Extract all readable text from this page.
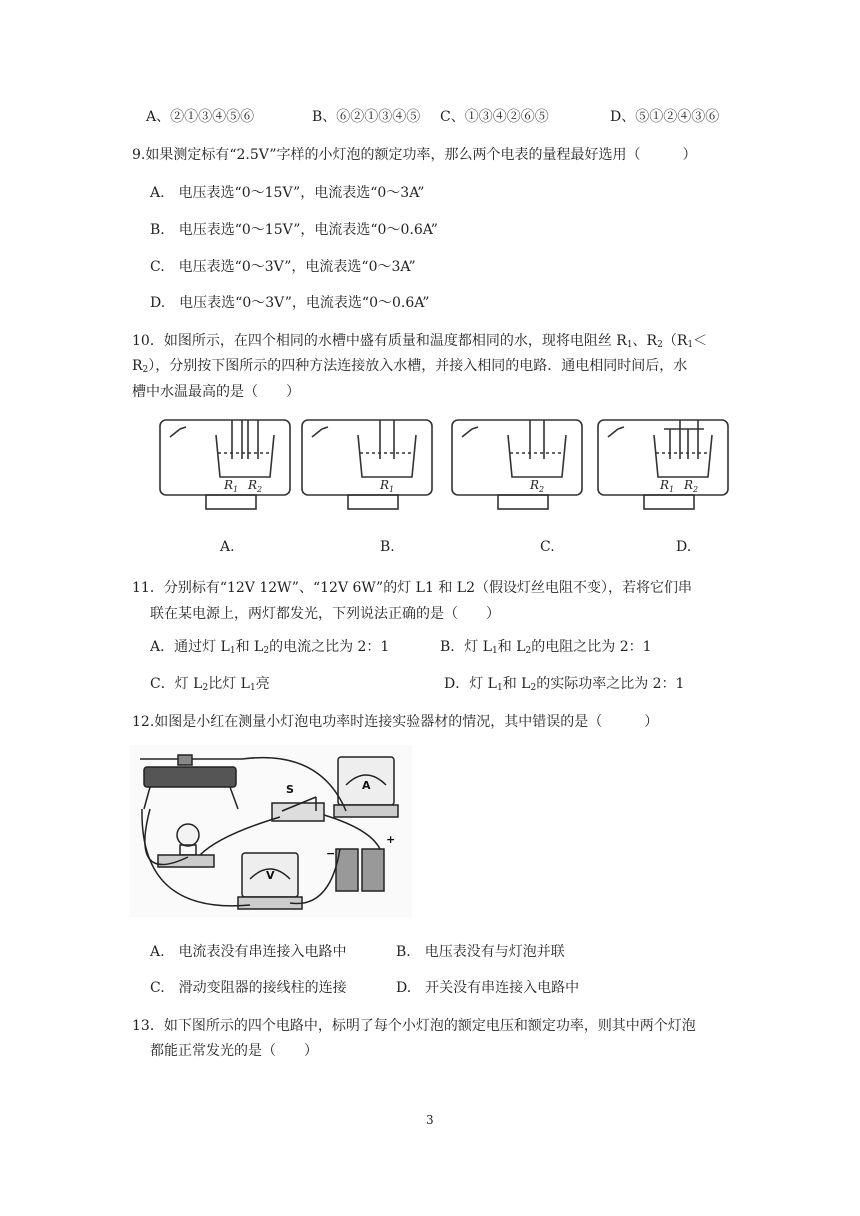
A、②①③④⑤⑥	B、⑥②①③④⑤ C、①③④②⑥⑤	D、⑤①②④③⑥
9.如果测定标有“2.5V”字样的小灯泡的额定功率，那么两个电表的量程最好选用（　　　）
A.　电压表选“0～15V”，电流表选“0～3A”
B.　电压表选“0～15V”，电流表选“0～0.6A”
C.　电压表选“0～3V”，电流表选“0～3A”
D.　电压表选“0～3V”，电流表选“0～0.6A”
10．如图所示，在四个相同的水槽中盛有质量和温度都相同的水，现将电阻丝 $R_1$、$R_2(R_1<$
$R_2$），分别按下图所示的四种方法连接放入水槽，并接入相同的电路．通电相同时间后，水
槽中水温最高的是（　　）
$R_1$ $R_2$	$R_1$	$R_2$	$R_1$ $R_2$
A.	B.	C.	D.
11．分别标有“12V 12W”、“12V 6W”的灯 L1 和 L2（假设灯丝电阻不变），若将它们串
联在某电源上，两灯都发光，下列说法正确的是（　　）
A．通过灯 $L_1$和 $L_2$的电流之比为 2：1	B．灯 $L_1$和 $L_2$的电阻之比为 2：1
C．灯 $L_2$比灯 $L_1$亮	D．灯 $L_1$和 $L_2$的实际功率之比为 2：1
12.如图是小红在测量小灯泡电功率时连接实验器材的情况，其中错误的是（　　　）
S	A
V
+
−
A.　电流表没有串连接入电路中	B.　电压表没有与灯泡并联
C.　滑动变阻器的接线柱的连接	D.　开关没有串连接入电路中
13．如下图所示的四个电路中，标明了每个小灯泡的额定电压和额定功率，则其中两个灯泡
都能正常发光的是（　　）
3
